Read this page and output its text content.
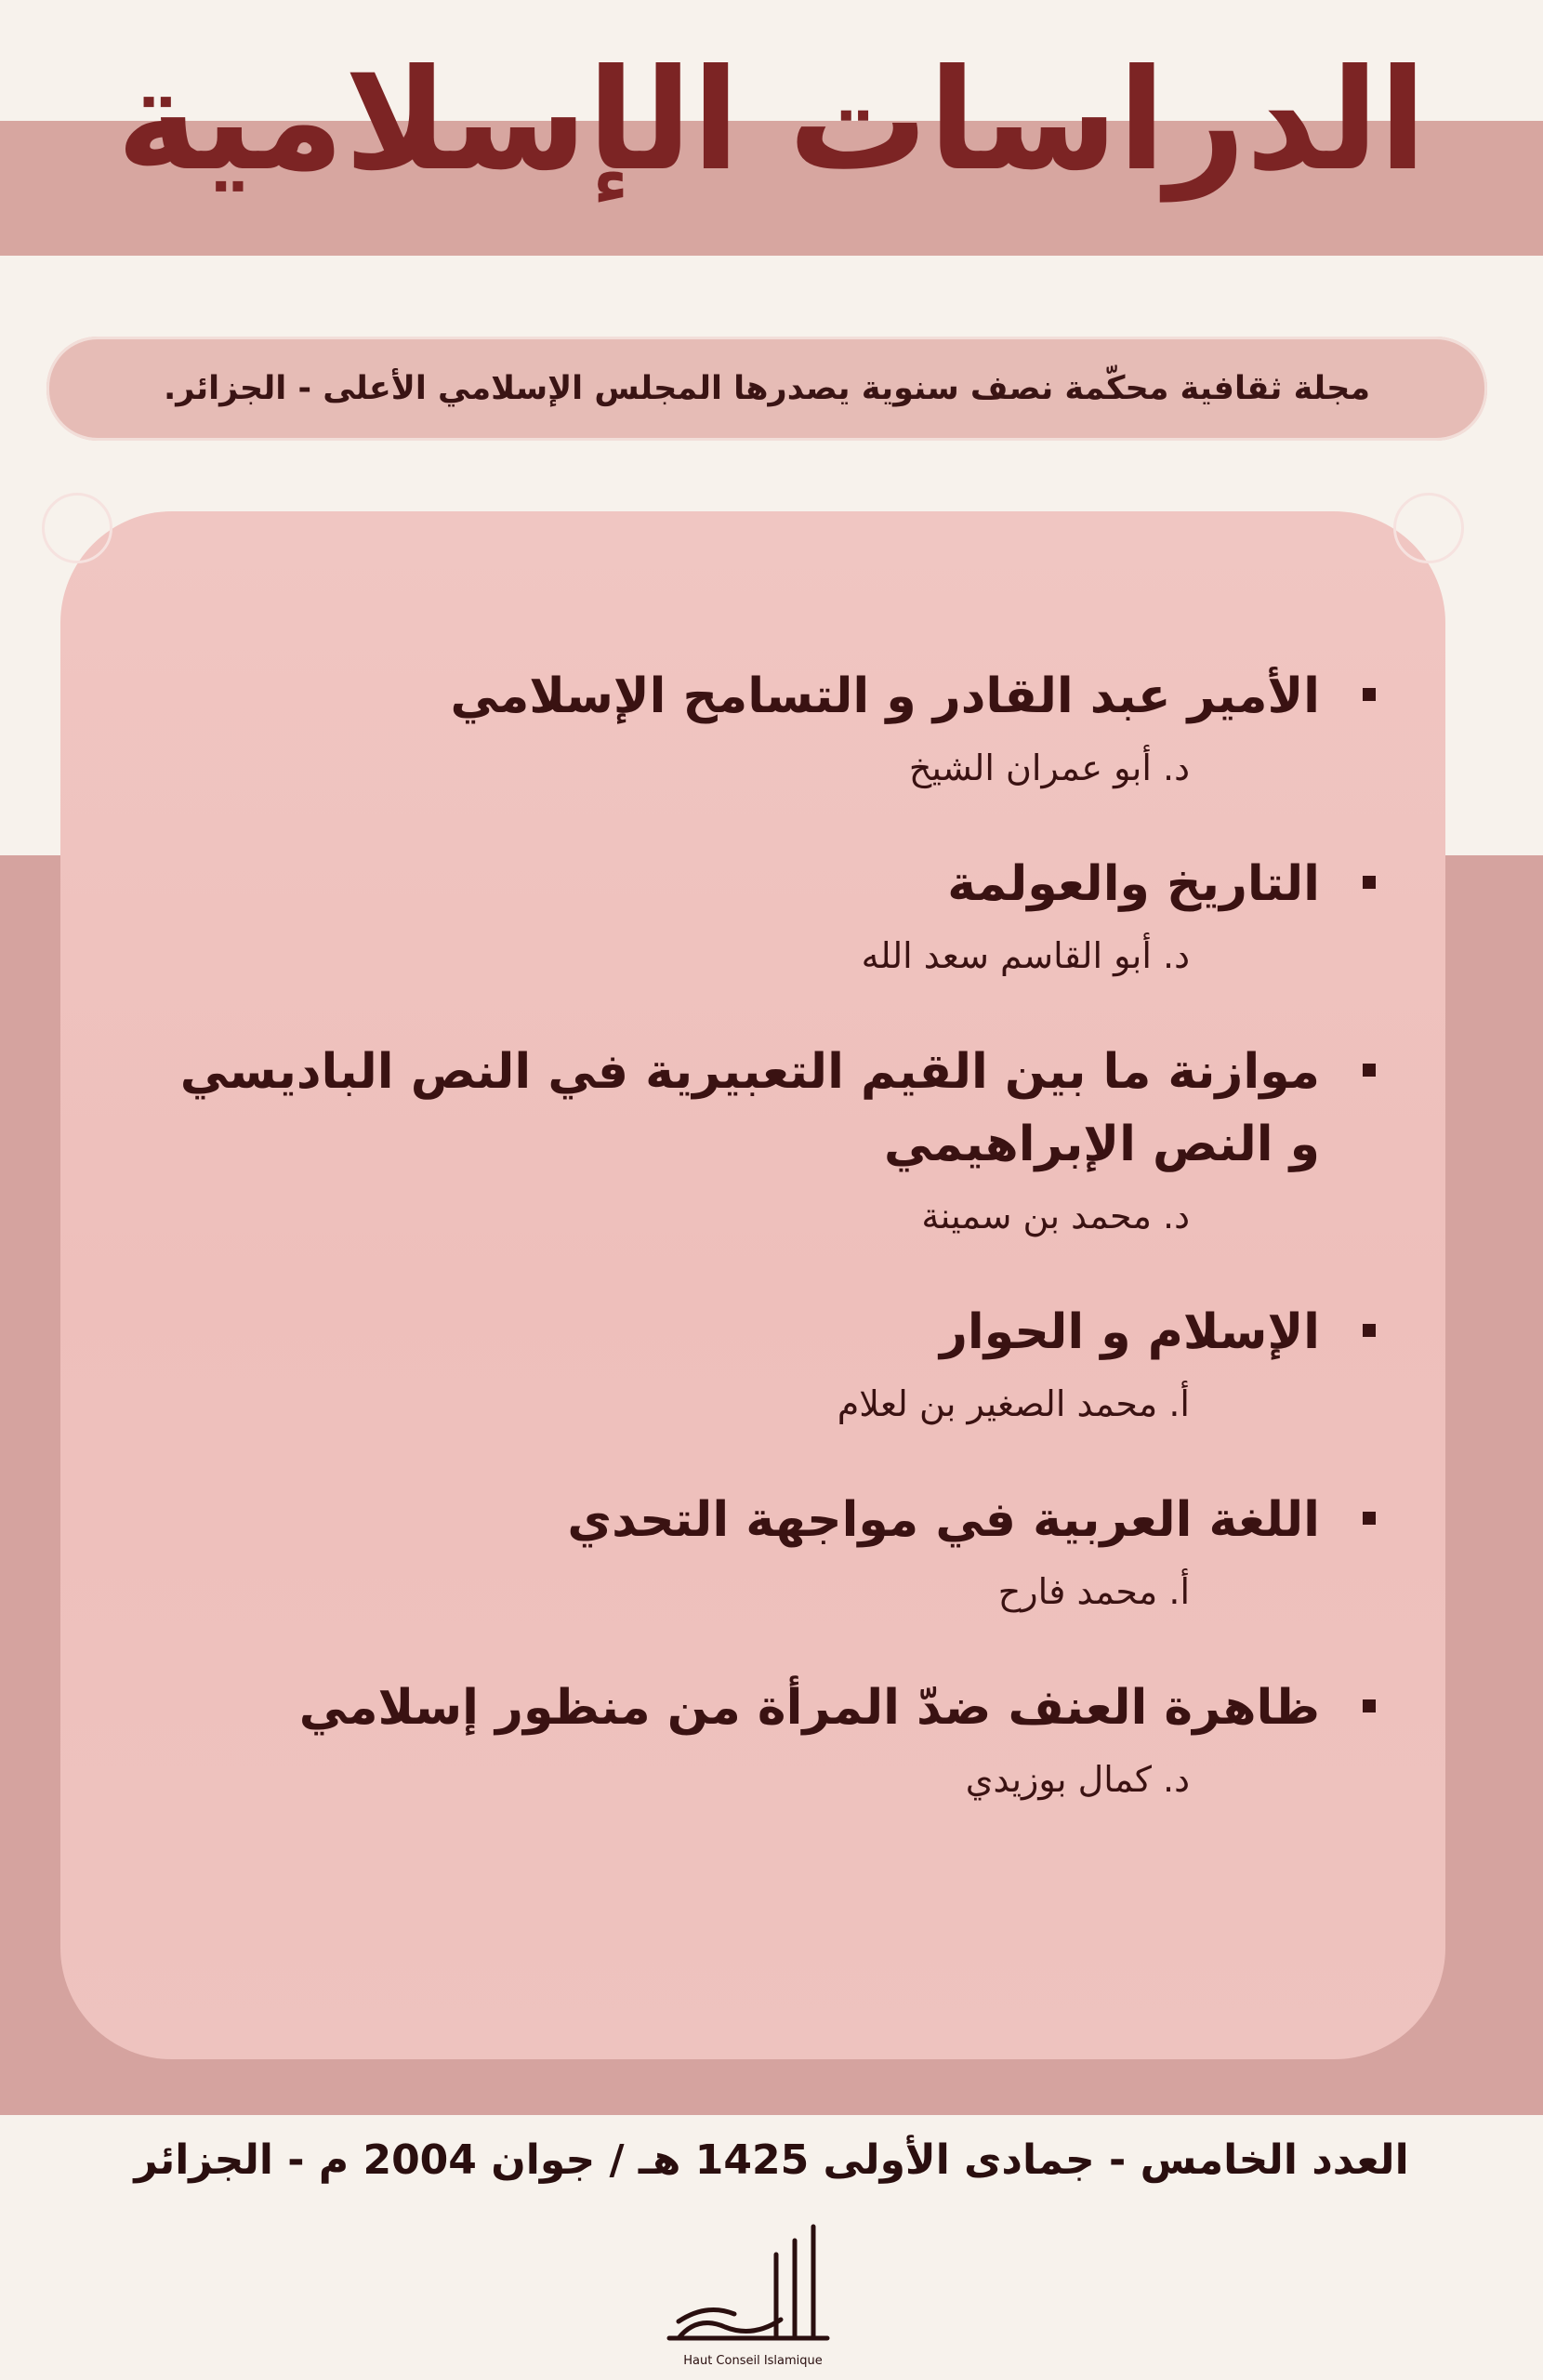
الدراسات الإسلامية
مجلة ثقافية محكّمة نصف سنوية يصدرها المجلس الإسلامي الأعلى - الجزائر.
الأمير عبد القادر و التسامح الإسلامي
د. أبو عمران الشيخ
التاريخ والعولمة
د. أبو القاسم سعد الله
موازنة ما بين القيم التعبيرية في النص الباديسي و النص الإبراهيمي
د. محمد بن سمينة
الإسلام و الحوار
أ. محمد الصغير بن لعلام
اللغة العربية في مواجهة التحدي
أ. محمد فارح
ظاهرة العنف ضدّ المرأة من منظور إسلامي
د. كمال بوزيدي
العدد الخامس - جمادى الأولى 1425 هـ / جوان 2004 م - الجزائر
Haut Conseil Islamique
